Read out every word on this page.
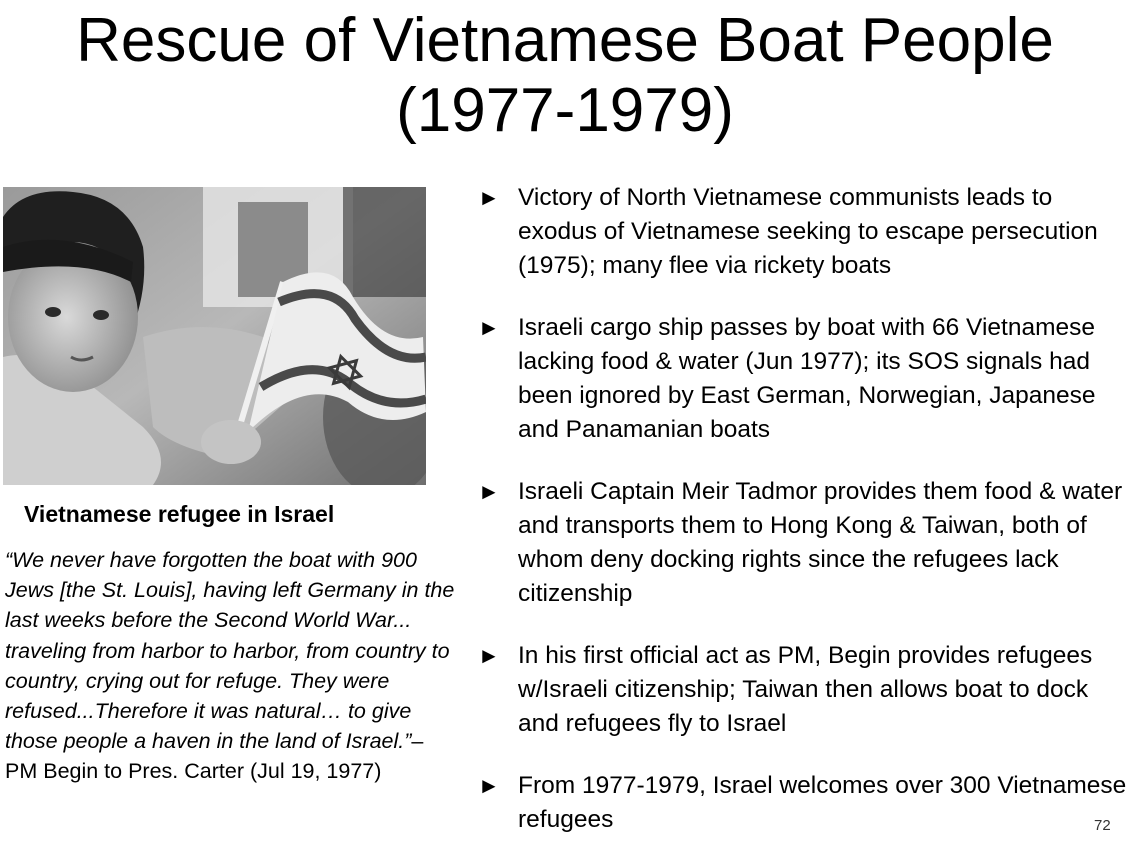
Rescue of Vietnamese Boat People
(1977-1979)
Vietnamese refugee in Israel
“We never have forgotten the boat with 900 Jews [the St. Louis], having left Germany in the last weeks before the Second World War... traveling from harbor to harbor, from country to country, crying out for refuge. They were refused...Therefore it was natural… to give those people a haven in the land of Israel.”– PM Begin to Pres. Carter (Jul 19, 1977)
► Victory of North Vietnamese communists leads to exodus of Vietnamese seeking to escape persecution (1975); many flee via rickety boats
► Israeli cargo ship passes by boat with 66 Vietnamese lacking food & water (Jun 1977); its SOS signals had been ignored by East German, Norwegian, Japanese and Panamanian boats
► Israeli Captain Meir Tadmor provides them food & water and transports them to Hong Kong & Taiwan, both of whom deny docking rights since the refugees lack citizenship
► In his first official act as PM, Begin provides refugees w/Israeli citizenship; Taiwan then allows boat to dock and refugees fly to Israel
► From 1977-1979, Israel welcomes over 300 Vietnamese refugees	72
